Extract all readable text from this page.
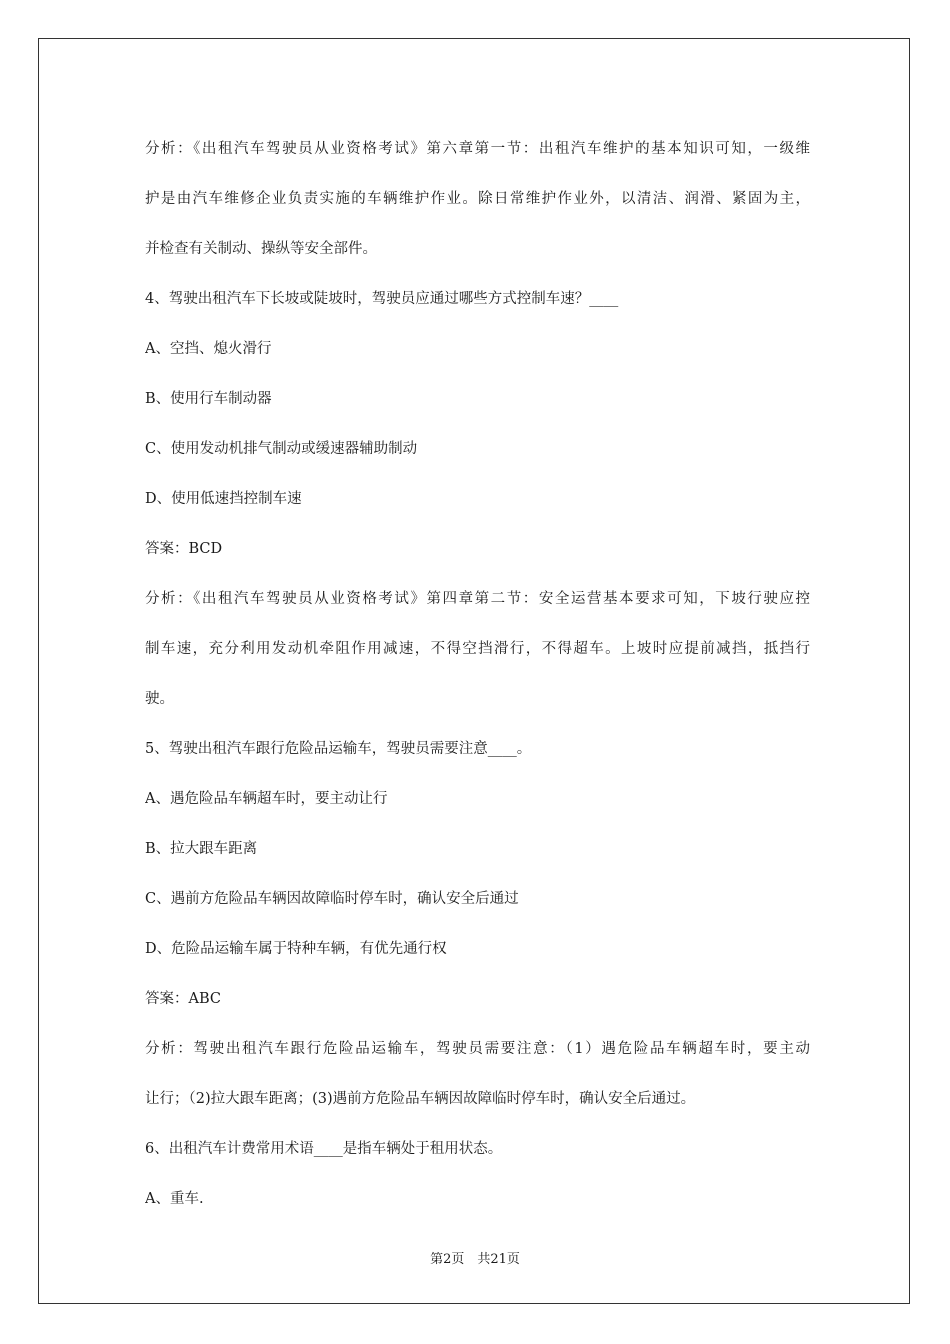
分析：《出租汽车驾驶员从业资格考试》第六章第一节：出租汽车维护的基本知识可知，一级维
护是由汽车维修企业负责实施的车辆维护作业。除日常维护作业外，以清洁、润滑、紧固为主，
并检查有关制动、操纵等安全部件。
4、驾驶出租汽车下长坡或陡坡时，驾驶员应通过哪些方式控制车速？____
A、空挡、熄火滑行
B、使用行车制动器
C、使用发动机排气制动或缓速器辅助制动
D、使用低速挡控制车速
答案：BCD
分析：《出租汽车驾驶员从业资格考试》第四章第二节：安全运营基本要求可知，下坡行驶应控
制车速，充分利用发动机牵阻作用减速，不得空挡滑行，不得超车。上坡时应提前减挡，抵挡行
驶。
5、驾驶出租汽车跟行危险品运输车，驾驶员需要注意____。
A、遇危险品车辆超车时，要主动让行
B、拉大跟车距离
C、遇前方危险品车辆因故障临时停车时，确认安全后通过
D、危险品运输车属于特种车辆，有优先通行权
答案：ABC
分析：驾驶出租汽车跟行危险品运输车，驾驶员需要注意：（1）遇危险品车辆超车时，要主动
让行；（2)拉大跟车距离；(3)遇前方危险品车辆因故障临时停车时，确认安全后通过。
6、出租汽车计费常用术语____是指车辆处于租用状态。
A、重车.
第2页　共21页
